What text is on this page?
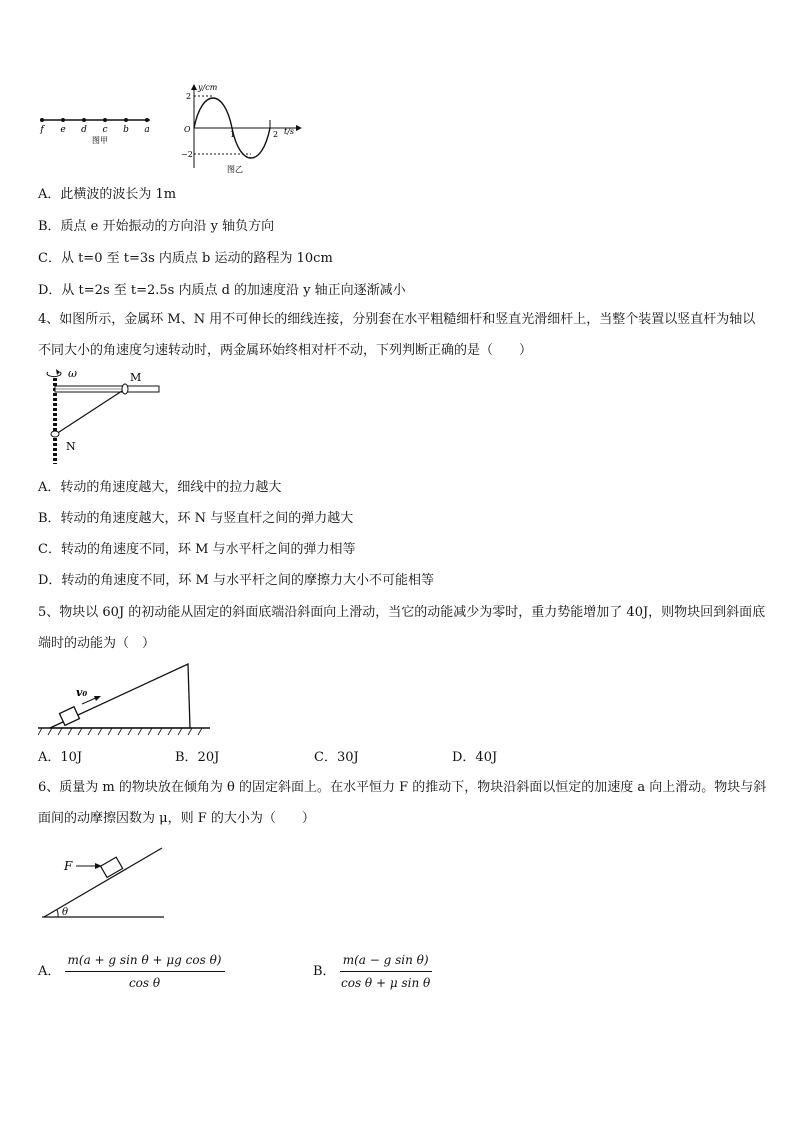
f e d c b a
图甲
y/cm
t/s
O
2
−2
1	2
图乙
A．此横波的波长为 1m
B．质点 e 开始振动的方向沿 y 轴负方向
C．从 t=0 至 t=3s 内质点 b 运动的路程为 10cm
D．从 t=2s 至 t=2.5s 内质点 d 的加速度沿 y 轴正向逐渐减小
4、如图所示，金属环 M、N 用不可伸长的细线连接，分别套在水平粗糙细杆和竖直光滑细杆上，当整个装置以竖直杆为轴以不同大小的角速度匀速转动时，两金属环始终相对杆不动，下列判断正确的是（　　）
ω	M
N
A．转动的角速度越大，细线中的拉力越大
B．转动的角速度越大，环 N 与竖直杆之间的弹力越大
C．转动的角速度不同，环 M 与水平杆之间的弹力相等
D．转动的角速度不同，环 M 与水平杆之间的摩擦力大小不可能相等
5、物块以 60J 的初动能从固定的斜面底端沿斜面向上滑动，当它的动能减少为零时，重力势能增加了 40J，则物块回到斜面底端时的动能为（　）
v₀
A．10J	B．20J	C．30J	D．40J
6、质量为 m 的物块放在倾角为 θ 的固定斜面上。在水平恒力 F 的推动下，物块沿斜面以恒定的加速度 a 向上滑动。物块与斜面间的动摩擦因数为 μ，则 F 的大小为（　　）
F
θ
A． $\frac{\text{m(a + g sin θ + μg cos θ)}}{\text{cos θ}}$	B． $\frac{\text{m(a − g sin θ)}}{\text{cos θ + μ sin θ}}$
